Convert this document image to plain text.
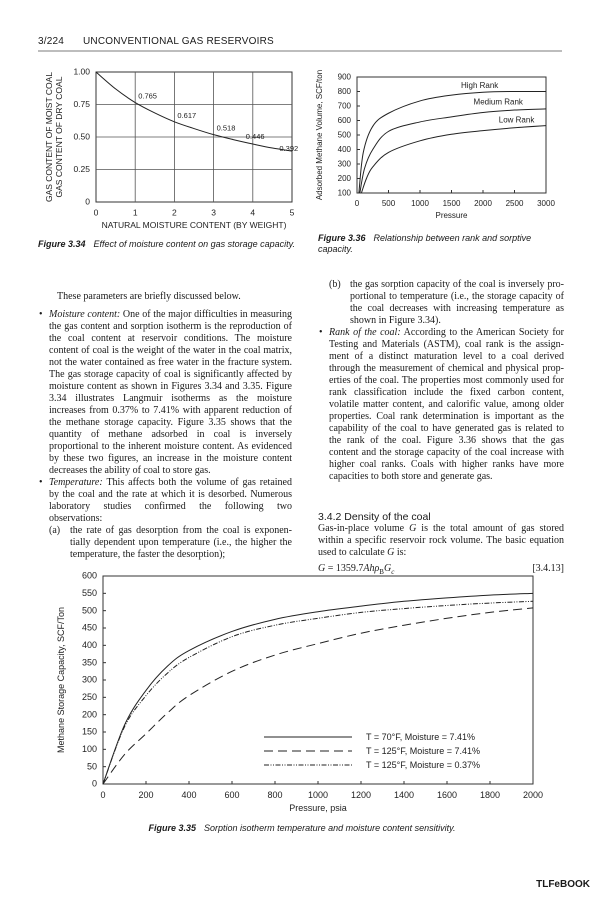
3/224 UNCONVENTIONAL GAS RESERVOIRS
0	1	2	3	4	5
0
0.25
0.50
0.75
1.00
NATURAL MOISTURE CONTENT (BY WEIGHT)
GAS CONTENT OF MOIST COAL GAS CONTENT OF DRY COAL	0.765
0.617
0.518
0.446
0.392
0	500 1000 1500 2000 2500 3000
100
200
300
400
500
600
700
800
900
Pressure
Adsorbed Methane Volume, SCF/ton	High Rank
Medium Rank
Low Rank
0	200	400	600	800	1000	1200	1400	1600	1800	2000
0
50
100
150
200
250
300
350
400
450
500
550
600
Pressure, psia
Methane Storage Capacity, SCF/Ton	T = 70°F, Moisture = 7.41%
T = 125°F, Moisture = 7.41%
T = 125°F, Moisture = 0.37%
Figure 3.34 Effect of moisture content on gas storage capacity.
Figure 3.36 Relationship between rank and sorptive capacity.
Figure 3.35 Sorption isotherm temperature and moisture content sensitivity.
These parameters are briefly discussed below.
• Moisture content: One of the major difficulties in measuring the gas content and sorption isotherm is the reproduction of the coal content at reservoir conditions. The moisture content of coal is the weight of the water in the coal matrix, not the water contained as free water in the fracture system. The gas storage capacity of coal is significantly affected by moisture content as shown in Figures 3.34 and 3.35. Figure 3.34 illustrates Langmuir isotherms as the moisture increases from 0.37% to 7.41% with apparent reduction of the methane storage capacity. Figure 3.35 shows that the quantity of methane adsorbed in coal is inversely proportional to the inherent moisture content. As evidenced by these two figures, an increase in the moisture content decreases the ability of coal to store gas.
• Temperature: This affects both the volume of gas retained by the coal and the rate at which it is desorbed. Numerous laboratory studies confirmed the following two observations:
(a) the rate of gas desorption from the coal is exponentially dependent upon temperature (i.e., the higher the temperature, the faster the desorption);
(b) the gas sorption capacity of the coal is inversely proportional to temperature (i.e., the storage capacity of the coal decreases with increasing temperature as shown in Figure 3.34).
• Rank of the coal: According to the American Society for Testing and Materials (ASTM), coal rank is the assignment of a distinct maturation level to a coal derived through the measurement of chemical and physical properties of the coal. The properties most commonly used for rank classification include the fixed carbon content, volatile matter content, and calorific value, among older properties. Coal rank determination is important as the capability of the coal to have generated gas is related to the rank of the coal. Figure 3.36 shows that the gas content and the storage capacity of the coal increase with higher coal ranks. Coals with higher ranks have more capacities to both store and generate gas.
3.4.2 Density of the coal
Gas-in-place volume G is the total amount of gas stored within a specific reservoir rock volume. The basic equation used to calculate G is:
$G = 1359.7Ah\rho_BG_c$	[3.4.13]
TLFeBOOK
